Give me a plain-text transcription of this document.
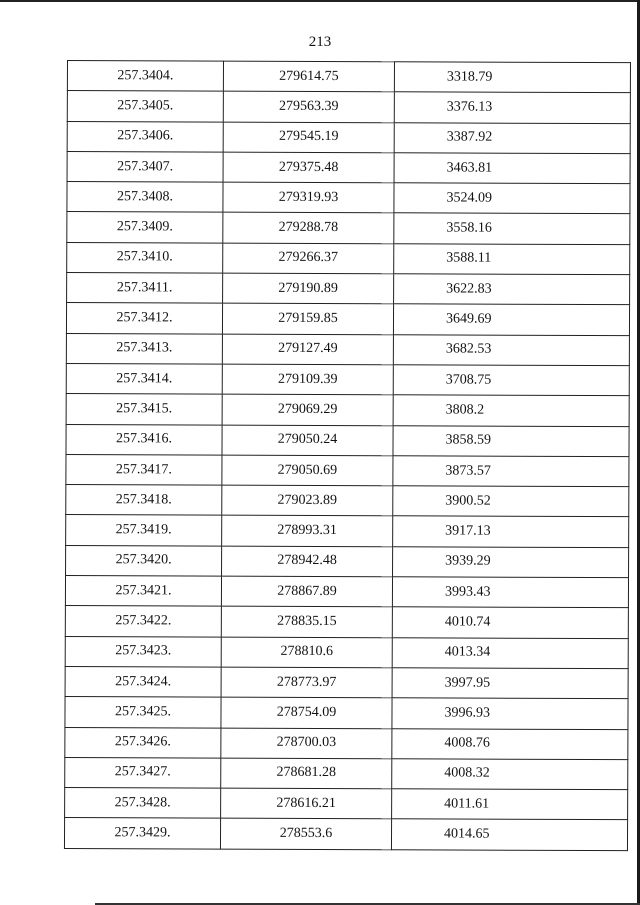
213
257.3404.	279614.75	3318.79
257.3405.	279563.39	3376.13
257.3406.	279545.19	3387.92
257.3407.	279375.48	3463.81
257.3408.	279319.93	3524.09
257.3409.	279288.78	3558.16
257.3410.	279266.37	3588.11
257.3411.	279190.89	3622.83
257.3412.	279159.85	3649.69
257.3413.	279127.49	3682.53
257.3414.	279109.39	3708.75
257.3415.	279069.29	3808.2
257.3416.	279050.24	3858.59
257.3417.	279050.69	3873.57
257.3418.	279023.89	3900.52
257.3419.	278993.31	3917.13
257.3420.	278942.48	3939.29
257.3421.	278867.89	3993.43
257.3422.	278835.15	4010.74
257.3423.	278810.6	4013.34
257.3424.	278773.97	3997.95
257.3425.	278754.09	3996.93
257.3426.	278700.03	4008.76
257.3427.	278681.28	4008.32
257.3428.	278616.21	4011.61
257.3429.	278553.6	4014.65
